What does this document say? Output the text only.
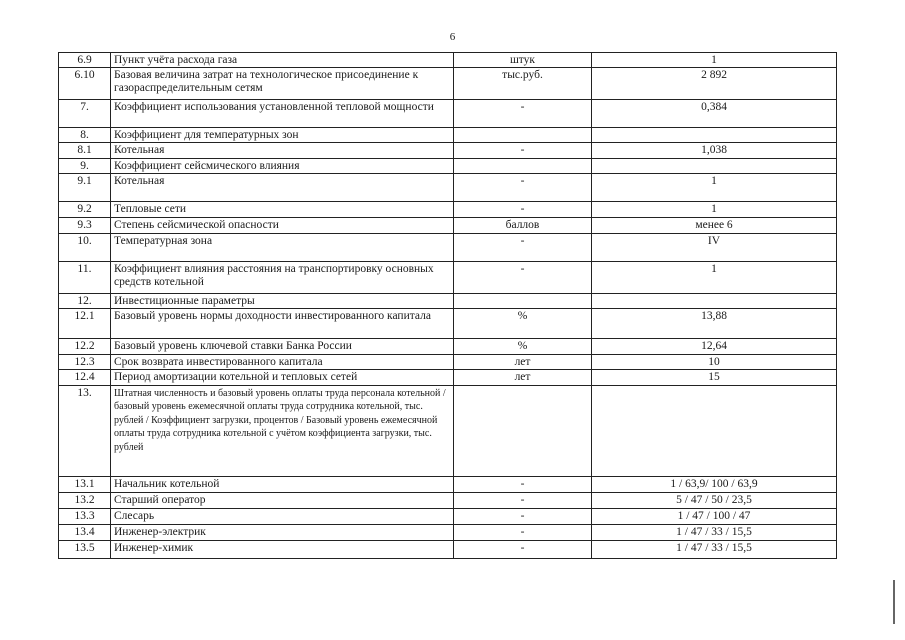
6
6.9	Пункт учёта расхода газа	штук	1
6.10	Базовая величина затрат на технологическое присоединение к газораспределительным сетям	тыс.руб.	2 892
7.	Коэффициент использования установленной тепловой мощности	-	0,384
8.	Коэффициент для температурных зон		
8.1	Котельная	-	1,038
9.	Коэффициент сейсмического влияния		
9.1	Котельная	-	1
9.2	Тепловые сети	-	1
9.3	Степень сейсмической опасности	баллов	менее 6
10.	Температурная зона	-	IV
11.	Коэффициент влияния расстояния на транспортировку основных средств котельной	-	1
12.	Инвестиционные параметры		
12.1	Базовый уровень нормы доходности инвестированного капитала	%	13,88
12.2	Базовый уровень ключевой ставки Банка России	%	12,64
12.3	Срок возврата инвестированного капитала	лет	10
12.4	Период амортизации котельной и тепловых сетей	лет	15
13.	Штатная численность и базовый уровень оплаты труда персонала котельной / базовый уровень ежемесячной оплаты труда сотрудника котельной, тыс. рублей / Коэффициент загрузки, процентов / Базовый уровень ежемесячной оплаты труда сотрудника котельной с учётом коэффициента загрузки, тыс. рублей		
13.1	Начальник котельной	-	1 / 63,9/ 100 / 63,9
13.2	Старший оператор	-	5 / 47 / 50 / 23,5
13.3	Слесарь	-	1 / 47 / 100 / 47
13.4	Инженер-электрик	-	1 / 47 / 33 / 15,5
13.5	Инженер-химик	-	1 / 47 / 33 / 15,5
